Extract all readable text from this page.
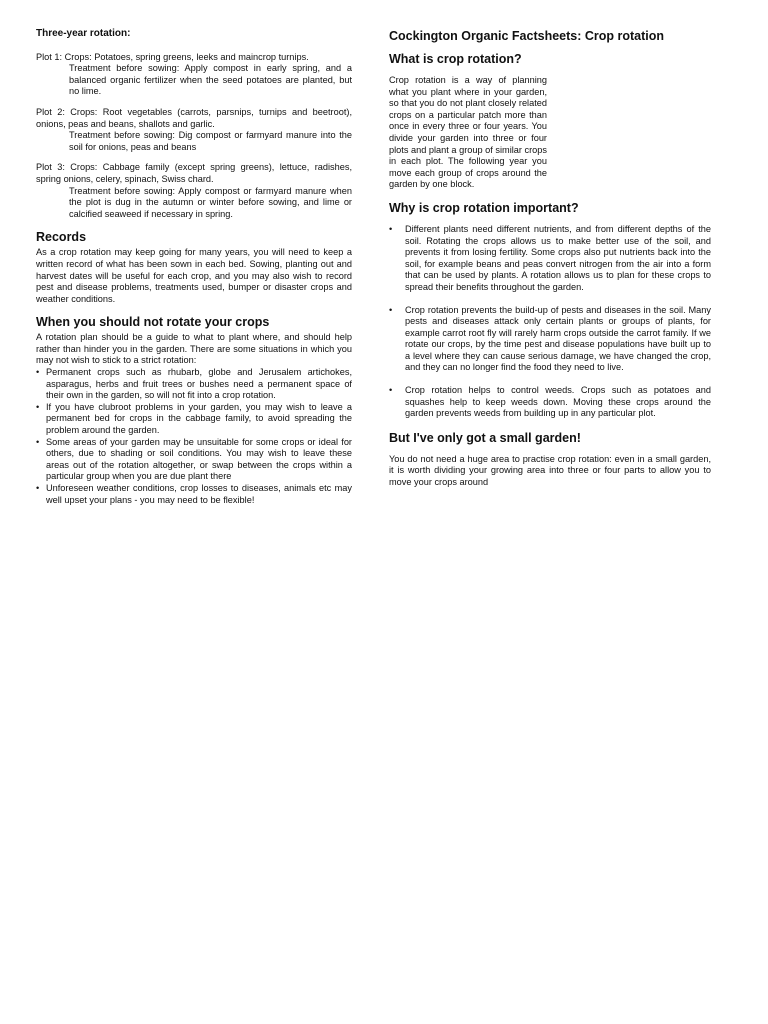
Three-year rotation:
Plot 1: Crops: Potatoes, spring greens, leeks and maincrop turnips.
Treatment before sowing: Apply compost in early spring, and a balanced organic fertilizer when the seed potatoes are planted, but no lime.
Plot 2: Crops: Root vegetables (carrots, parsnips, turnips and beetroot), onions, peas and beans, shallots and garlic.
Treatment before sowing: Dig compost or farmyard manure into the soil for onions, peas and beans
Plot 3: Crops: Cabbage family (except spring greens), lettuce, radishes, spring onions, celery, spinach, Swiss chard.
Treatment before sowing: Apply compost or farmyard manure when the plot is dug in the autumn or winter before sowing, and lime or calcified seaweed if necessary in spring.
Records

As a crop rotation may keep going for many years, you will need to keep a written record of what has been sown in each bed. Sowing, planting out and harvest dates will be useful for each crop, and you may also wish to record pest and disease problems, treatments used, bumper or disaster crops and weather conditions.

When you should not rotate your crops

A rotation plan should be a guide to what to plant where, and should help rather than hinder you in the garden. There are some situations in which you may not wish to stick to a strict rotation:

• Permanent crops such as rhubarb, globe and Jerusalem artichokes, asparagus, herbs and fruit trees or bushes need a permanent space of their own in the garden, so will not fit into a crop rotation.
• If you have clubroot problems in your garden, you may wish to leave a permanent bed for crops in the cabbage family, to avoid spreading the problem around the garden.
• Some areas of your garden may be unsuitable for some crops or ideal for others, due to shading or soil conditions. You may wish to leave these areas out of the rotation altogether, or swap between the crops within a particular group when you are due plant there
• Unforeseen weather conditions, crop losses to diseases, animals etc may well upset your plans - you may need to be flexible!
Cockington Organic Factsheets: Crop rotation
What is crop rotation?

Crop rotation is a way of planning what you plant where in your garden, so that you do not plant closely related crops on a particular patch more than once in every three or four years. You divide your garden into three or four plots and plant a group of similar crops in each plot. The following year you move each group of crops around the garden by one block.

Why is crop rotation important?
• Different plants need different nutrients, and from different depths of the soil. Rotating the crops allows us to make better use of the soil, and prevents it from losing fertility. Some crops also put nutrients back into the soil, for example beans and peas convert nitrogen from the air into a form that can be used by plants. A rotation allows us to plan for these crops to spread their benefits throughout the garden.
• Crop rotation prevents the build-up of pests and diseases in the soil. Many pests and diseases attack only certain plants or groups of plants, for example carrot root fly will rarely harm crops outside the carrot family. If we rotate our crops, by the time pest and disease populations have built up to a level where they can cause serious damage, we have changed the crop, and they can no longer find the food they need to live.
• Crop rotation helps to control weeds. Crops such as potatoes and squashes help to keep weeds down. Moving these crops around the garden prevents weeds from building up in any particular plot.
But I've only got a small garden!

You do not need a huge area to practise crop rotation: even in a small garden, it is worth dividing your growing area into three or four parts to allow you to move your crops around
